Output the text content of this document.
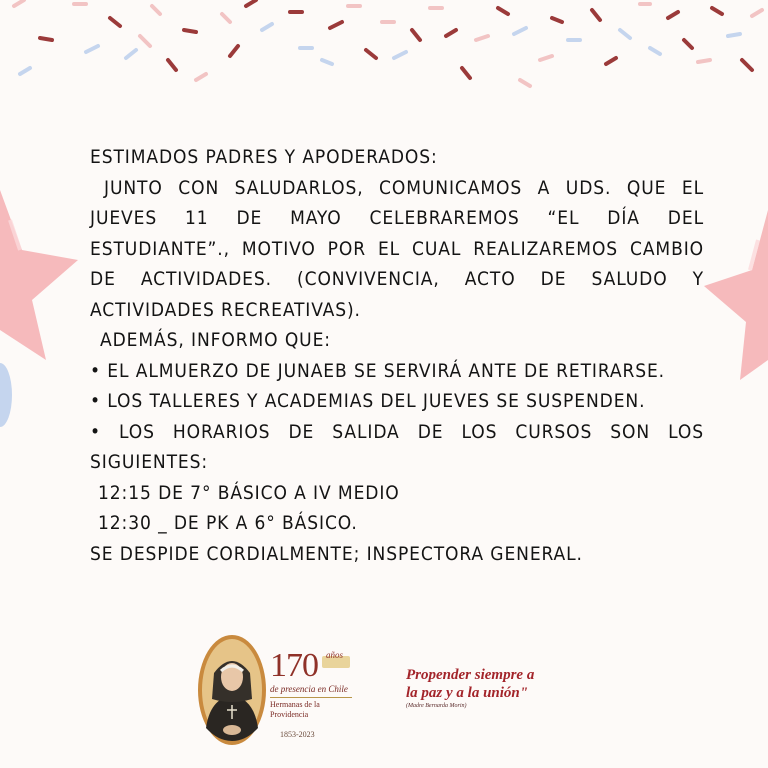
ESTIMADOS PADRES Y APODERADOS:
JUNTO CON SALUDARLOS, COMUNICAMOS A UDS. QUE EL
JUEVES 11 DE MAYO CELEBRAREMOS “EL DÍA DEL
ESTUDIANTE”., MOTIVO POR EL CUAL REALIZAREMOS CAMBIO
DE ACTIVIDADES. (CONVIVENCIA, ACTO DE SALUDO Y
ACTIVIDADES RECREATIVAS).
ADEMÁS, INFORMO QUE:
• EL ALMUERZO DE JUNAEB SE SERVIRÁ ANTE DE RETIRARSE.
• LOS TALLERES Y ACADEMIAS DEL JUEVES SE SUSPENDEN.
• LOS HORARIOS DE SALIDA DE LOS CURSOS SON LOS
SIGUIENTES:
12:15 DE 7° BÁSICO A IV MEDIO
12:30 _ DE PK A 6° BÁSICO.
SE DESPIDE CORDIALMENTE; INSPECTORA GENERAL.
170 años
de presencia en Chile
Hermanas de la Providencia
1853-2023
Propender siempre a
la paz y a la unión"
(Madre Bernarda Morin)
